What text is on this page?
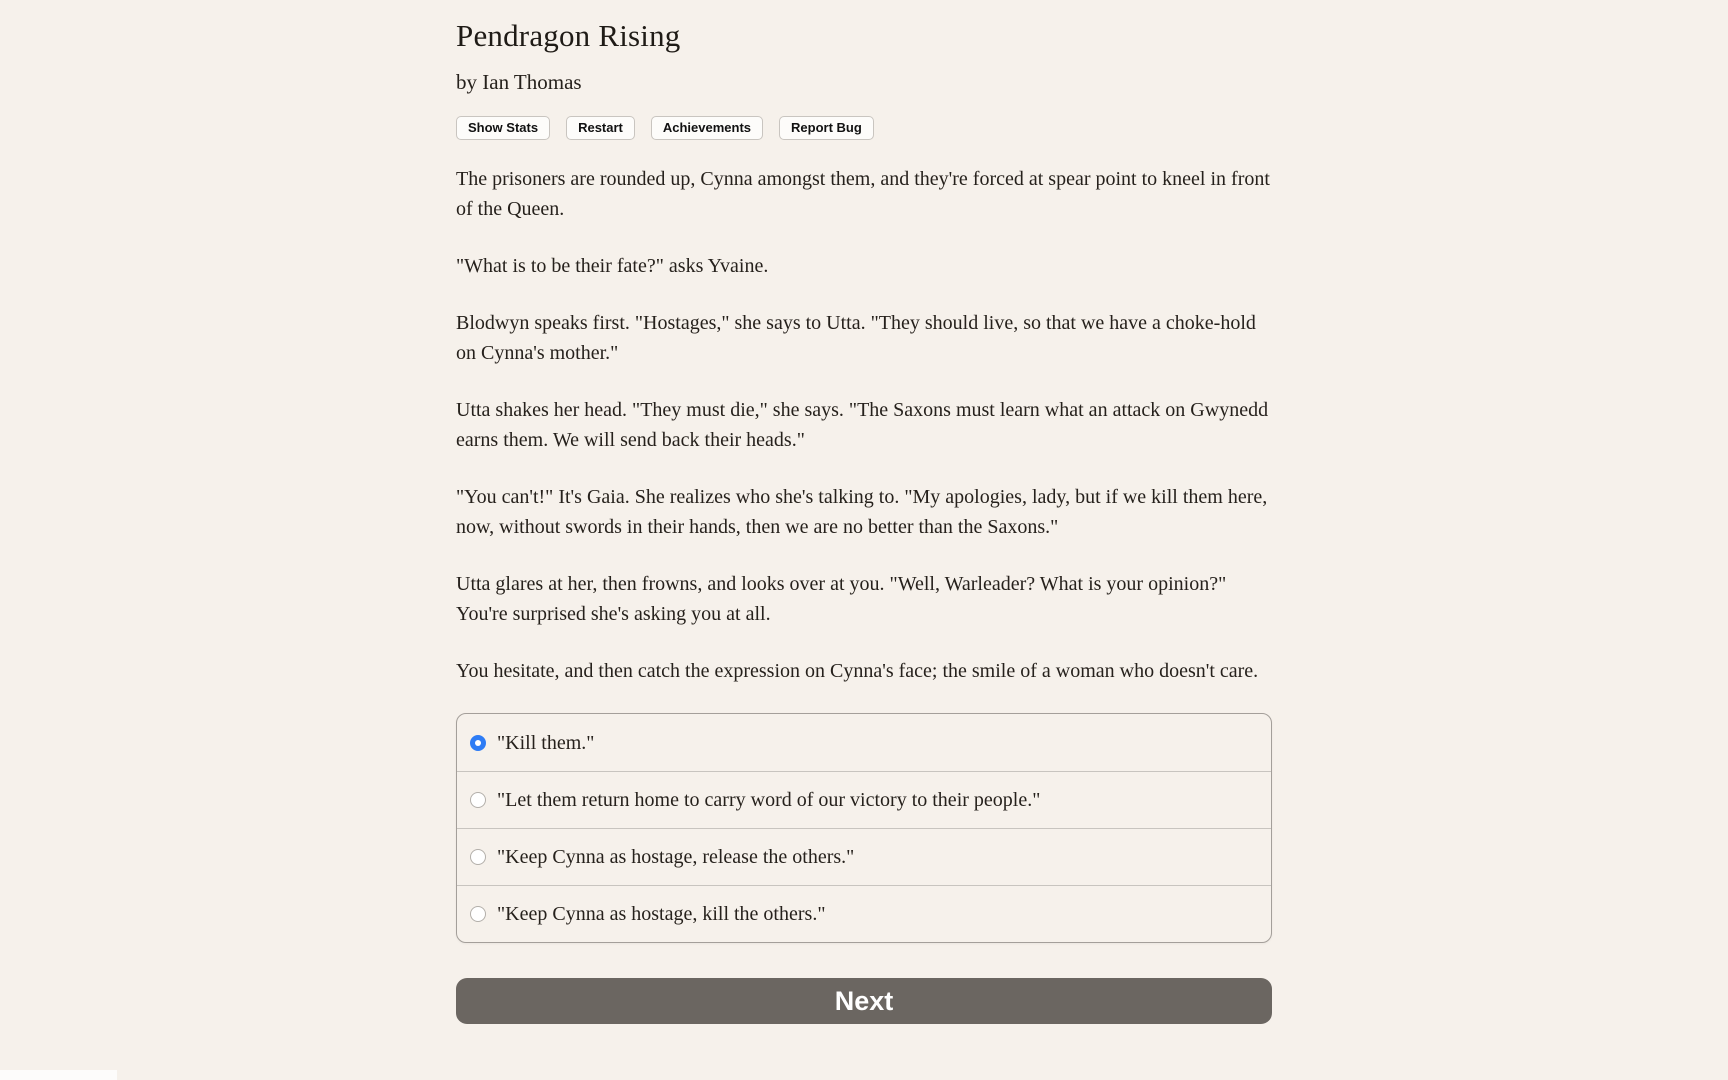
Pendragon Rising
by Ian Thomas
Show Stats	Restart	Achievements	Report Bug

The prisoners are rounded up, Cynna amongst them, and they're forced at spear point to kneel in front of the Queen.

"What is to be their fate?" asks Yvaine.

Blodwyn speaks first. "Hostages," she says to Utta. "They should live, so that we have a choke-hold on Cynna's mother."

Utta shakes her head. "They must die," she says. "The Saxons must learn what an attack on Gwynedd earns them. We will send back their heads."

"You can't!" It's Gaia. She realizes who she's talking to. "My apologies, lady, but if we kill them here, now, without swords in their hands, then we are no better than the Saxons."

Utta glares at her, then frowns, and looks over at you. "Well, Warleader? What is your opinion?" You're surprised she's asking you at all.

You hesitate, and then catch the expression on Cynna's face; the smile of a woman who doesn't care.

"Kill them."
"Let them return home to carry word of our victory to their people."
"Keep Cynna as hostage, release the others."
"Keep Cynna as hostage, kill the others."
Next
